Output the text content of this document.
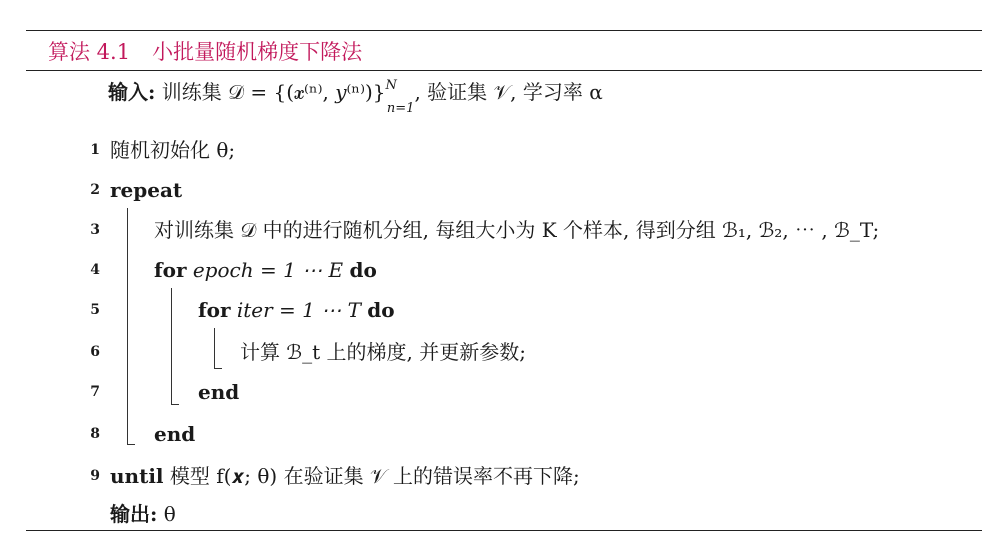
算法 4.1 小批量随机梯度下降法
输入: 训练集 𝒟 = {(𝒙⁽ⁿ⁾, 𝑦⁽ⁿ⁾)}$^N_{n=1}$, 验证集 𝒱, 学习率 α
1 随机初始化 θ;
2 repeat
3	对训练集 𝒟 中的进行随机分组, 每组大小为 K 个样本, 得到分组 ℬ₁, ℬ₂, ⋯ , ℬ_T;
4	for epoch = 1 ⋯ E do
5	for iter = 1 ⋯ T do
6	计算 ℬ_t 上的梯度, 并更新参数;
7	end
8	end
9 until 模型 f(𝒙; θ) 在验证集 𝒱 上的错误率不再下降;
输出: θ
